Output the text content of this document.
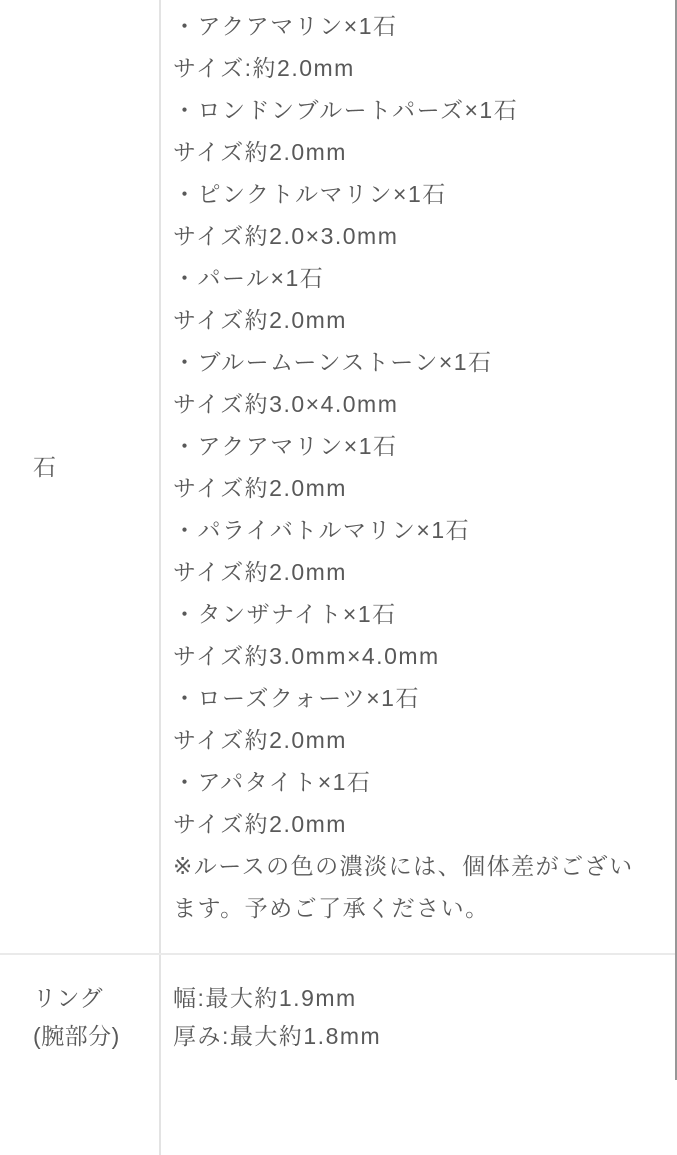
石
・アクアマリン×1石
サイズ:約2.0mm
・ロンドンブルートパーズ×1石
サイズ約2.0mm
・ピンクトルマリン×1石
サイズ約2.0×3.0mm
・パール×1石
サイズ約2.0mm
・ブルームーンストーン×1石
サイズ約3.0×4.0mm
・アクアマリン×1石
サイズ約2.0mm
・パライバトルマリン×1石
サイズ約2.0mm
・タンザナイト×1石
サイズ約3.0mm×4.0mm
・ローズクォーツ×1石
サイズ約2.0mm
・アパタイト×1石
サイズ約2.0mm
※ルースの色の濃淡には、個体差がござい
ます。予めご了承ください。
リング
(腕部分)
幅:最大約1.9mm
厚み:最大約1.8mm
